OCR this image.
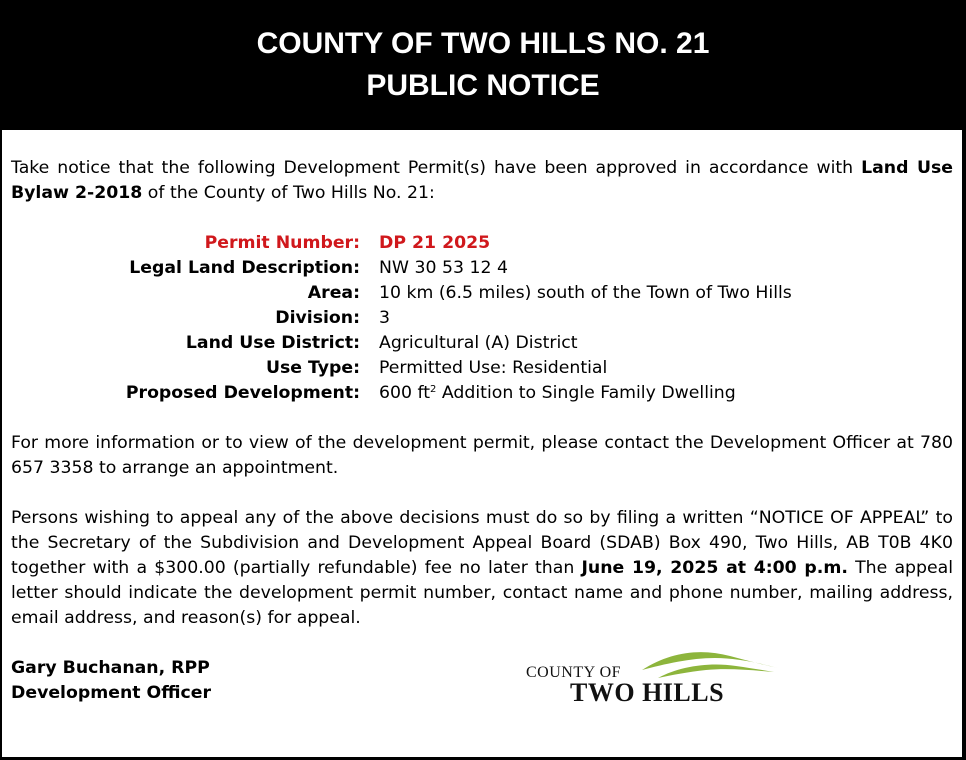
COUNTY OF TWO HILLS NO. 21
PUBLIC NOTICE

Take notice that the following Development Permit(s) have been approved in accordance with Land Use Bylaw 2-2018 of the County of Two Hills No. 21:

Permit Number:	DP 21 2025
Legal Land Description:	NW 30 53 12 4
Area:	10 km (6.5 miles) south of the Town of Two Hills
Division:	3
Land Use District:	Agricultural (A) District
Use Type:	Permitted Use: Residential
Proposed Development:	600 $ft^2$ Addition to Single Family Dwelling

For more information or to view of the development permit, please contact the Development Officer at 780 657 3358 to arrange an appointment.

Persons wishing to appeal any of the above decisions must do so by filing a written “NOTICE OF APPEAL” to the Secretary of the Subdivision and Development Appeal Board (SDAB) Box 490, Two Hills, AB T0B 4K0 together with a $300.00 (partially refundable) fee no later than June 19, 2025 at 4:00 p.m. The appeal letter should indicate the development permit number, contact name and phone number, mailing address, email address, and reason(s) for appeal.

Gary Buchanan, RPP
Development Officer
COUNTY OF
TWO HILLS
